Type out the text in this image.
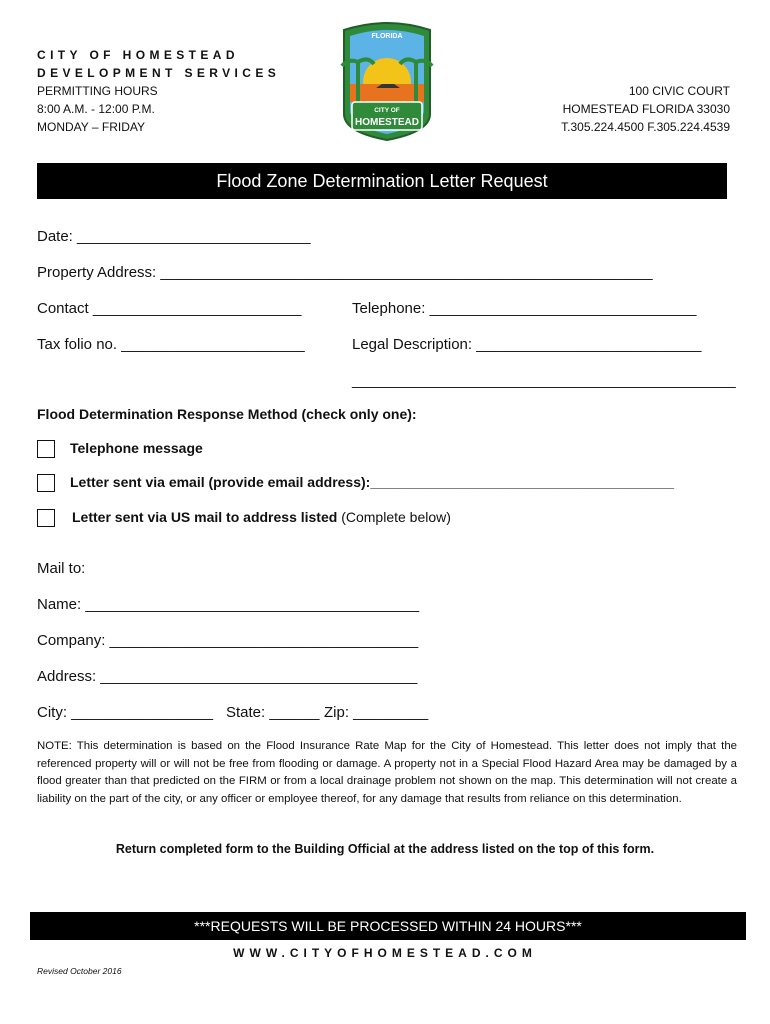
CITY OF HOMESTEAD
DEVELOPMENT SERVICES
PERMITTING HOURS
8:00 A.M. - 12:00 P.M.
MONDAY – FRIDAY
FLORIDA
CITY OF
HOMESTEAD
100 CIVIC COURT
HOMESTEAD FLORIDA 33030
T.305.224.4500 F.305.224.4539
Flood Zone Determination Letter Request
Date: ____________________________
Property Address: ___________________________________________________________
Contact _________________________	Telephone: ________________________________
Tax folio no. ______________________	Legal Description: ___________________________
______________________________________________
Flood Determination Response Method (check only one):
Telephone message
Letter sent via email (provide email address):_______________________________________
Letter sent via US mail to address listed (Complete below)
Mail to:
Name: ________________________________________
Company: _____________________________________
Address: ______________________________________
City: _________________ State: ______ Zip: _________
NOTE: This determination is based on the Flood Insurance Rate Map for the City of Homestead. This letter does not imply that the referenced property will or will not be free from flooding or damage. A property not in a Special Flood Hazard Area may be damaged by a flood greater than that predicted on the FIRM or from a local drainage problem not shown on the map. This determination will not create a liability on the part of the city, or any officer or employee thereof, for any damage that results from reliance on this determination.
Return completed form to the Building Official at the address listed on the top of this form.
***REQUESTS WILL BE PROCESSED WITHIN 24 HOURS***
WWW.CITYOFHOMESTEAD.COM
Revised October 2016
